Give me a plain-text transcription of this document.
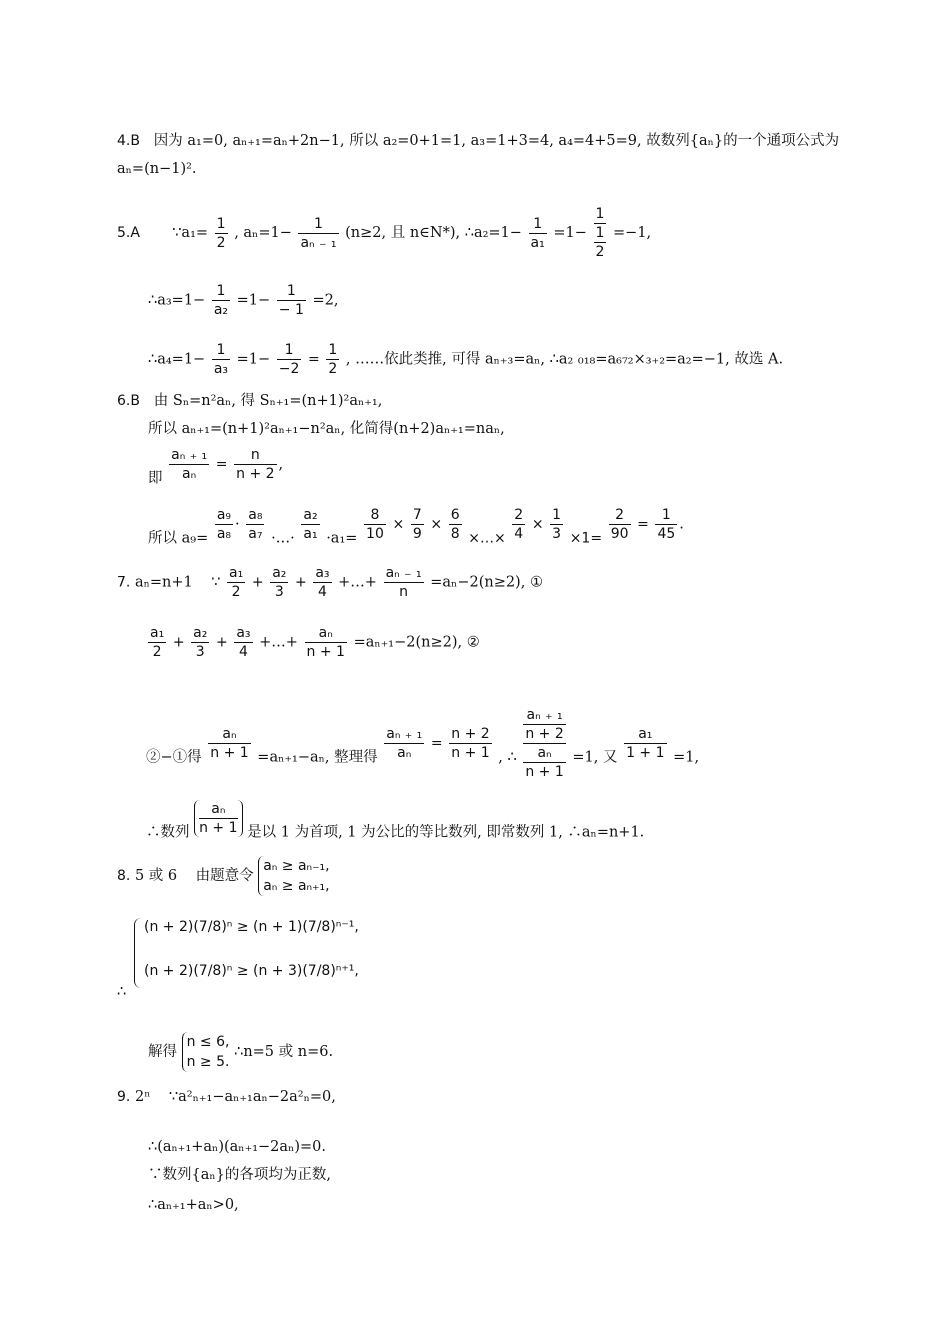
4.B 因为 a₁=0, aₙ₊₁=aₙ+2n−1, 所以 a₂=0+1=1, a₃=1+3=4, a₄=4+5=9, 故数列{aₙ}的一个通项公式为
aₙ=(n−1)².
5.A ∵a₁= $\frac{1}{2}$ , $a_n=1- \frac{1}{\text{aₙ ₋ ₁}} (n\ge 2$, 且 n∈N*), ∴a₂=1− $\frac{1}{\text{a₁}} =1-$
1
1
2
=−1,
∴a₃=1− $\frac{1}{\text{a₂}} =1- \frac{1}{- 1} =2$,
∴a₄=1− $\frac{1}{\text{a₃}} =1- \frac{1}{-2} = \frac{1}{2}$ , ……依此类推, 可得 aₙ₊₃=aₙ, ∴a₂ ₀₁₈=a₆₇₂×₃₊₂=a₂=−1, 故选 A.
6.B 由 Sₙ=n²aₙ, 得 Sₙ₊₁=(n+1)²aₙ₊₁,
所以 aₙ₊₁=(n+1)²aₙ₊₁−n²aₙ, 化简得(n+2)aₙ₊₁=naₙ,
即 $\frac{\text{aₙ ₊ ₁}}{\text{aₙ}} = \frac{n}{n + 2}$ ,
所以 $a_9= \frac{\text{a₉}}{\text{a₈}} \cdot \frac{\text{a₈}}{\text{a₇}}$ ·…· $\frac{\text{a₂}}{\text{a₁}} \cdot a_1= \frac{8}{10} \times \frac{7}{9} \times \frac{6}{8}$ ×…× $\frac{2}{4} \times \frac{1}{3} \times 1= \frac{2}{90} = \frac{1}{45}$ .
7. aₙ=n+1 ∵ $\frac{\text{a₁}}{2} + \frac{\text{a₂}}{3} + \frac{\text{a₃}}{4}$ +…+ $\frac{\text{aₙ ₋ ₁}}{n} =a_n-2(n\ge 2)$, ①
$\frac{\text{a₁}}{2} + \frac{\text{a₂}}{3} + \frac{\text{a₃}}{4}$ +…+ $\frac{\text{aₙ}}{n + 1} =a_{n+1}-2(n\ge 2)$, ②
②−①得 $\frac{\text{aₙ}}{n + 1} =a_{n+1}-a_n$, 整理得 $\frac{\text{aₙ ₊ ₁}}{\text{aₙ}} = \frac{n + 2}{n + 1}$ , ∴
aₙ ₊ ₁
n + 2
aₙ
n + 1
=1, 又 $\frac{\text{a₁}}{1 + 1} =1$,
∴数列 $\frac{\text{aₙ}}{n + 1}$ 是以 1 为首项, 1 为公比的等比数列, 即常数列 1, ∴aₙ=n+1.
8. 5 或 6 由题意令
aₙ ≥ aₙ₋₁,
aₙ ≥ aₙ₊₁,
(n + 2)(7/8)ⁿ ≥ (n + 1)(7/8)ⁿ⁻¹,
(n + 2)(7/8)ⁿ ≥ (n + 3)(7/8)ⁿ⁺¹,
∴
解得
n ≤ 6,
n ≥ 5.
∴n=5 或 n=6.
9. 2ⁿ ∵a²ₙ₊₁−aₙ₊₁aₙ−2a²ₙ=0,
∴(aₙ₊₁+aₙ)(aₙ₊₁−2aₙ)=0.
∵数列{aₙ}的各项均为正数,
∴aₙ₊₁+aₙ>0,
